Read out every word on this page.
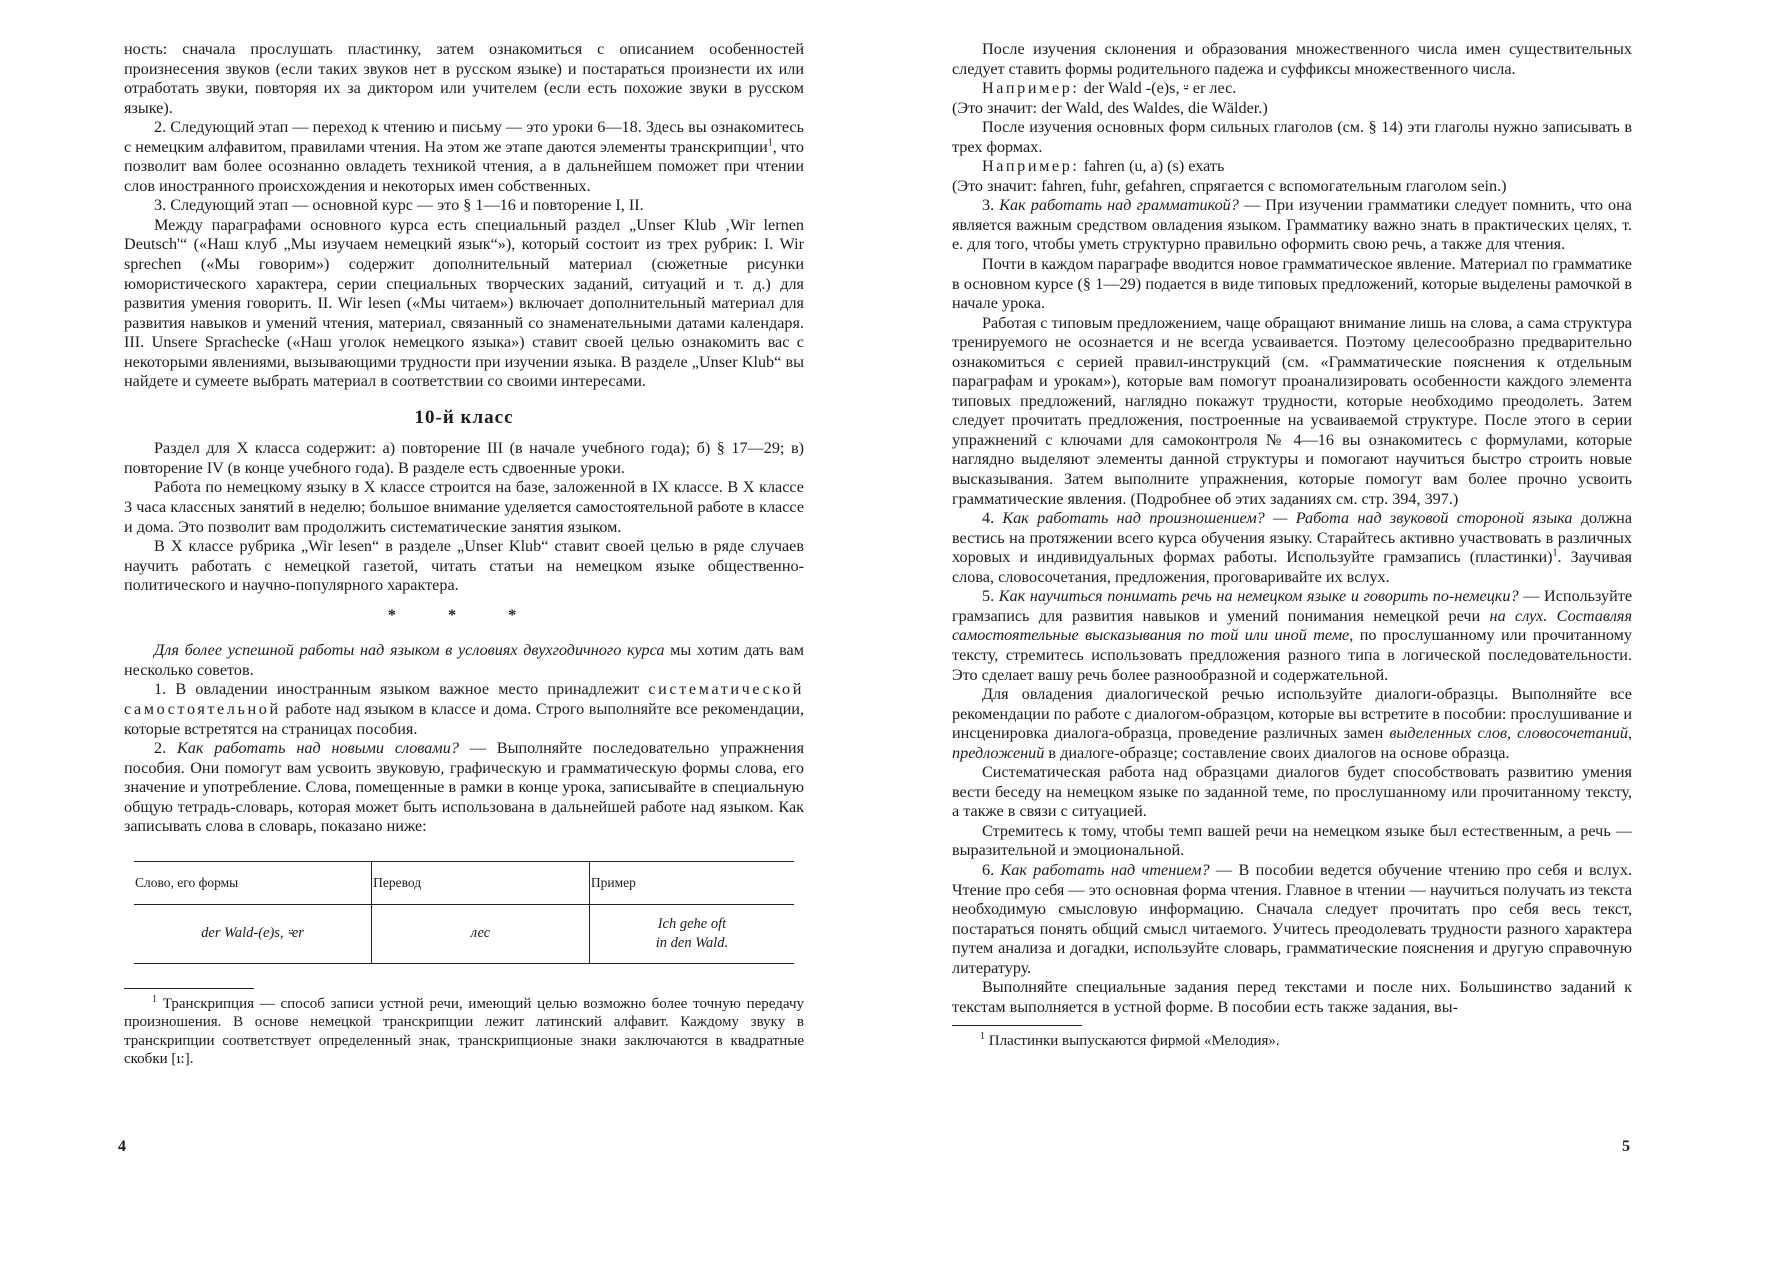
ность: сначала прослушать пластинку, затем ознакомиться с описанием особенностей произнесения звуков (если таких звуков нет в русском языке) и постараться произнести их или отработать звуки, повторяя их за диктором или учителем (если есть похожие звуки в русском языке).

2. Следующий этап — переход к чтению и письму — это уроки 6—18. Здесь вы ознакомитесь с немецким алфавитом, правилами чтения. На этом же этапе даются элементы транскрипции$^1$, что позволит вам более осознанно овладеть техникой чтения, а в дальнейшем поможет при чтении слов иностранного происхождения и некоторых имен собственных.

3. Следующий этап — основной курс — это § 1—16 и повторение I, II.

Между параграфами основного курса есть специальный раздел „Unser Klub ‚Wir lernen Deutsch'“ («Наш клуб „Мы изучаем немецкий язык“»), который состоит из трех рубрик: I. Wir sprechen («Мы говорим») содержит дополнительный материал (сюжетные рисунки юмористического характера, серии специальных творческих заданий, ситуаций и т. д.) для развития умения говорить. II. Wir lesen («Мы читаем») включает дополнительный материал для развития навыков и умений чтения, материал, связанный со знаменательными датами календаря. III. Unsere Sprachecke («Наш уголок немецкого языка») ставит своей целью ознакомить вас с некоторыми явлениями, вызывающими трудности при изучении языка. В разделе „Unser Klub“ вы найдете и сумеете выбрать материал в соответствии со своими интересами.

10-й класс

Раздел для X класса содержит: а) повторение III (в начале учебного года); б) § 17—29; в) повторение IV (в конце учебного года). В разделе есть сдвоенные уроки.

Работа по немецкому языку в X классе строится на базе, заложенной в IX классе. В X классе 3 часа классных занятий в неделю; большое внимание уделяется самостоятельной работе в классе и дома. Это позволит вам продолжить систематические занятия языком.

В X классе рубрика „Wir lesen“ в разделе „Unser Klub“ ставит своей целью в ряде случаев научить работать с немецкой газетой, читать статьи на немецком языке общественно-политического и научно-популярного характера.

* * *

Для более успешной работы над языком в условиях двухгодичного курса мы хотим дать вам несколько советов.

1. В овладении иностранным языком важное место принадлежит систематической самостоятельной работе над языком в классе и дома. Строго выполняйте все рекомендации, которые встретятся на страницах пособия.

2. Как работать над новыми словами? — Выполняйте последовательно упражнения пособия. Они помогут вам усвоить звуковую, графическую и грамматическую формы слова, его значение и употребление. Слова, помещенные в рамки в конце урока, записывайте в специальную общую тетрадь-словарь, которая может быть использована в дальнейшей работе над языком. Как записывать слова в словарь, показано ниже:

Слово, его формы	Перевод	Пример
der Wald-(e)s, ⸚er	лес	Ich gehe oft
in den Wald.

$^1$ Транскрипция — способ записи устной речи, имеющий целью возможно более точную передачу произношения. В основе немецкой транскрипции лежит латинский алфавит. Каждому звуку в транскрипции соответствует определенный знак, транскрипционые знаки заключаются в квадратные скобки [ı:].

4

После изучения склонения и образования множественного числа имен существительных следует ставить формы родительного падежа и суффиксы множественного числа.

Например: der Wald -(e)s, ⸚ er лес.

(Это значит: der Wald, des Waldes, die Wälder.)

После изучения основных форм сильных глаголов (см. § 14) эти глаголы нужно записывать в трех формах.

Например: fahren (u, a) (s) ехать

(Это значит: fahren, fuhr, gefahren, спрягается с вспомогательным глаголом sein.)

3. Как работать над грамматикой? — При изучении грамматики следует помнить, что она является важным средством овладения языком. Грамматику важно знать в практических целях, т. е. для того, чтобы уметь структурно правильно оформить свою речь, а также для чтения.

Почти в каждом параграфе вводится новое грамматическое явление. Материал по грамматике в основном курсе (§ 1—29) подается в виде типовых предложений, которые выделены рамочкой в начале урока.

Работая с типовым предложением, чаще обращают внимание лишь на слова, а сама структура тренируемого не осознается и не всегда усваивается. Поэтому целесообразно предварительно ознакомиться с серией правил-инструкций (см. «Грамматические пояснения к отдельным параграфам и урокам»), которые вам помогут проанализировать особенности каждого элемента типовых предложений, наглядно покажут трудности, которые необходимо преодолеть. Затем следует прочитать предложения, построенные на усваиваемой структуре. После этого в серии упражнений с ключами для самоконтроля № 4—16 вы ознакомитесь с формулами, которые наглядно выделяют элементы данной структуры и помогают научиться быстро строить новые высказывания. Затем выполните упражнения, которые помогут вам более прочно усвоить грамматические явления. (Подробнее об этих заданиях см. стр. 394, 397.)

4. Как работать над произношением? — Работа над звуковой стороной языка должна вестись на протяжении всего курса обучения языку. Старайтесь активно участвовать в различных хоровых и индивидуальных формах работы. Используйте грамзапись (пластинки)$^1$. Заучивая слова, словосочетания, предложения, проговаривайте их вслух.

5. Как научиться понимать речь на немецком языке и говорить по-немецки? — Используйте грамзапись для развития навыков и умений понимания немецкой речи на слух. Составляя самостоятельные высказывания по той или иной теме, по прослушанному или прочитанному тексту, стремитесь использовать предложения разного типа в логической последовательности. Это сделает вашу речь более разнообразной и содержательной.

Для овладения диалогической речью используйте диалоги-образцы. Выполняйте все рекомендации по работе с диалогом-образцом, которые вы встретите в пособии: прослушивание и инсценировка диалога-образца, проведение различных замен выделенных слов, словосочетаний, предложений в диалоге-образце; составление своих диалогов на основе образца.

Систематическая работа над образцами диалогов будет способствовать развитию умения вести беседу на немецком языке по заданной теме, по прослушанному или прочитанному тексту, а также в связи с ситуацией.

Стремитесь к тому, чтобы темп вашей речи на немецком языке был естественным, а речь — выразительной и эмоциональной.

6. Как работать над чтением? — В пособии ведется обучение чтению про себя и вслух. Чтение про себя — это основная форма чтения. Главное в чтении — научиться получать из текста необходимую смысловую информацию. Сначала следует прочитать про себя весь текст, постараться понять общий смысл читаемого. Учитесь преодолевать трудности разного характера путем анализа и догадки, используйте словарь, грамматические пояснения и другую справочную литературу.

Выполняйте специальные задания перед текстами и после них. Большинство заданий к текстам выполняется в устной форме. В пособии есть также задания, вы-

$^1$ Пластинки выпускаются фирмой «Мелодия».

5
